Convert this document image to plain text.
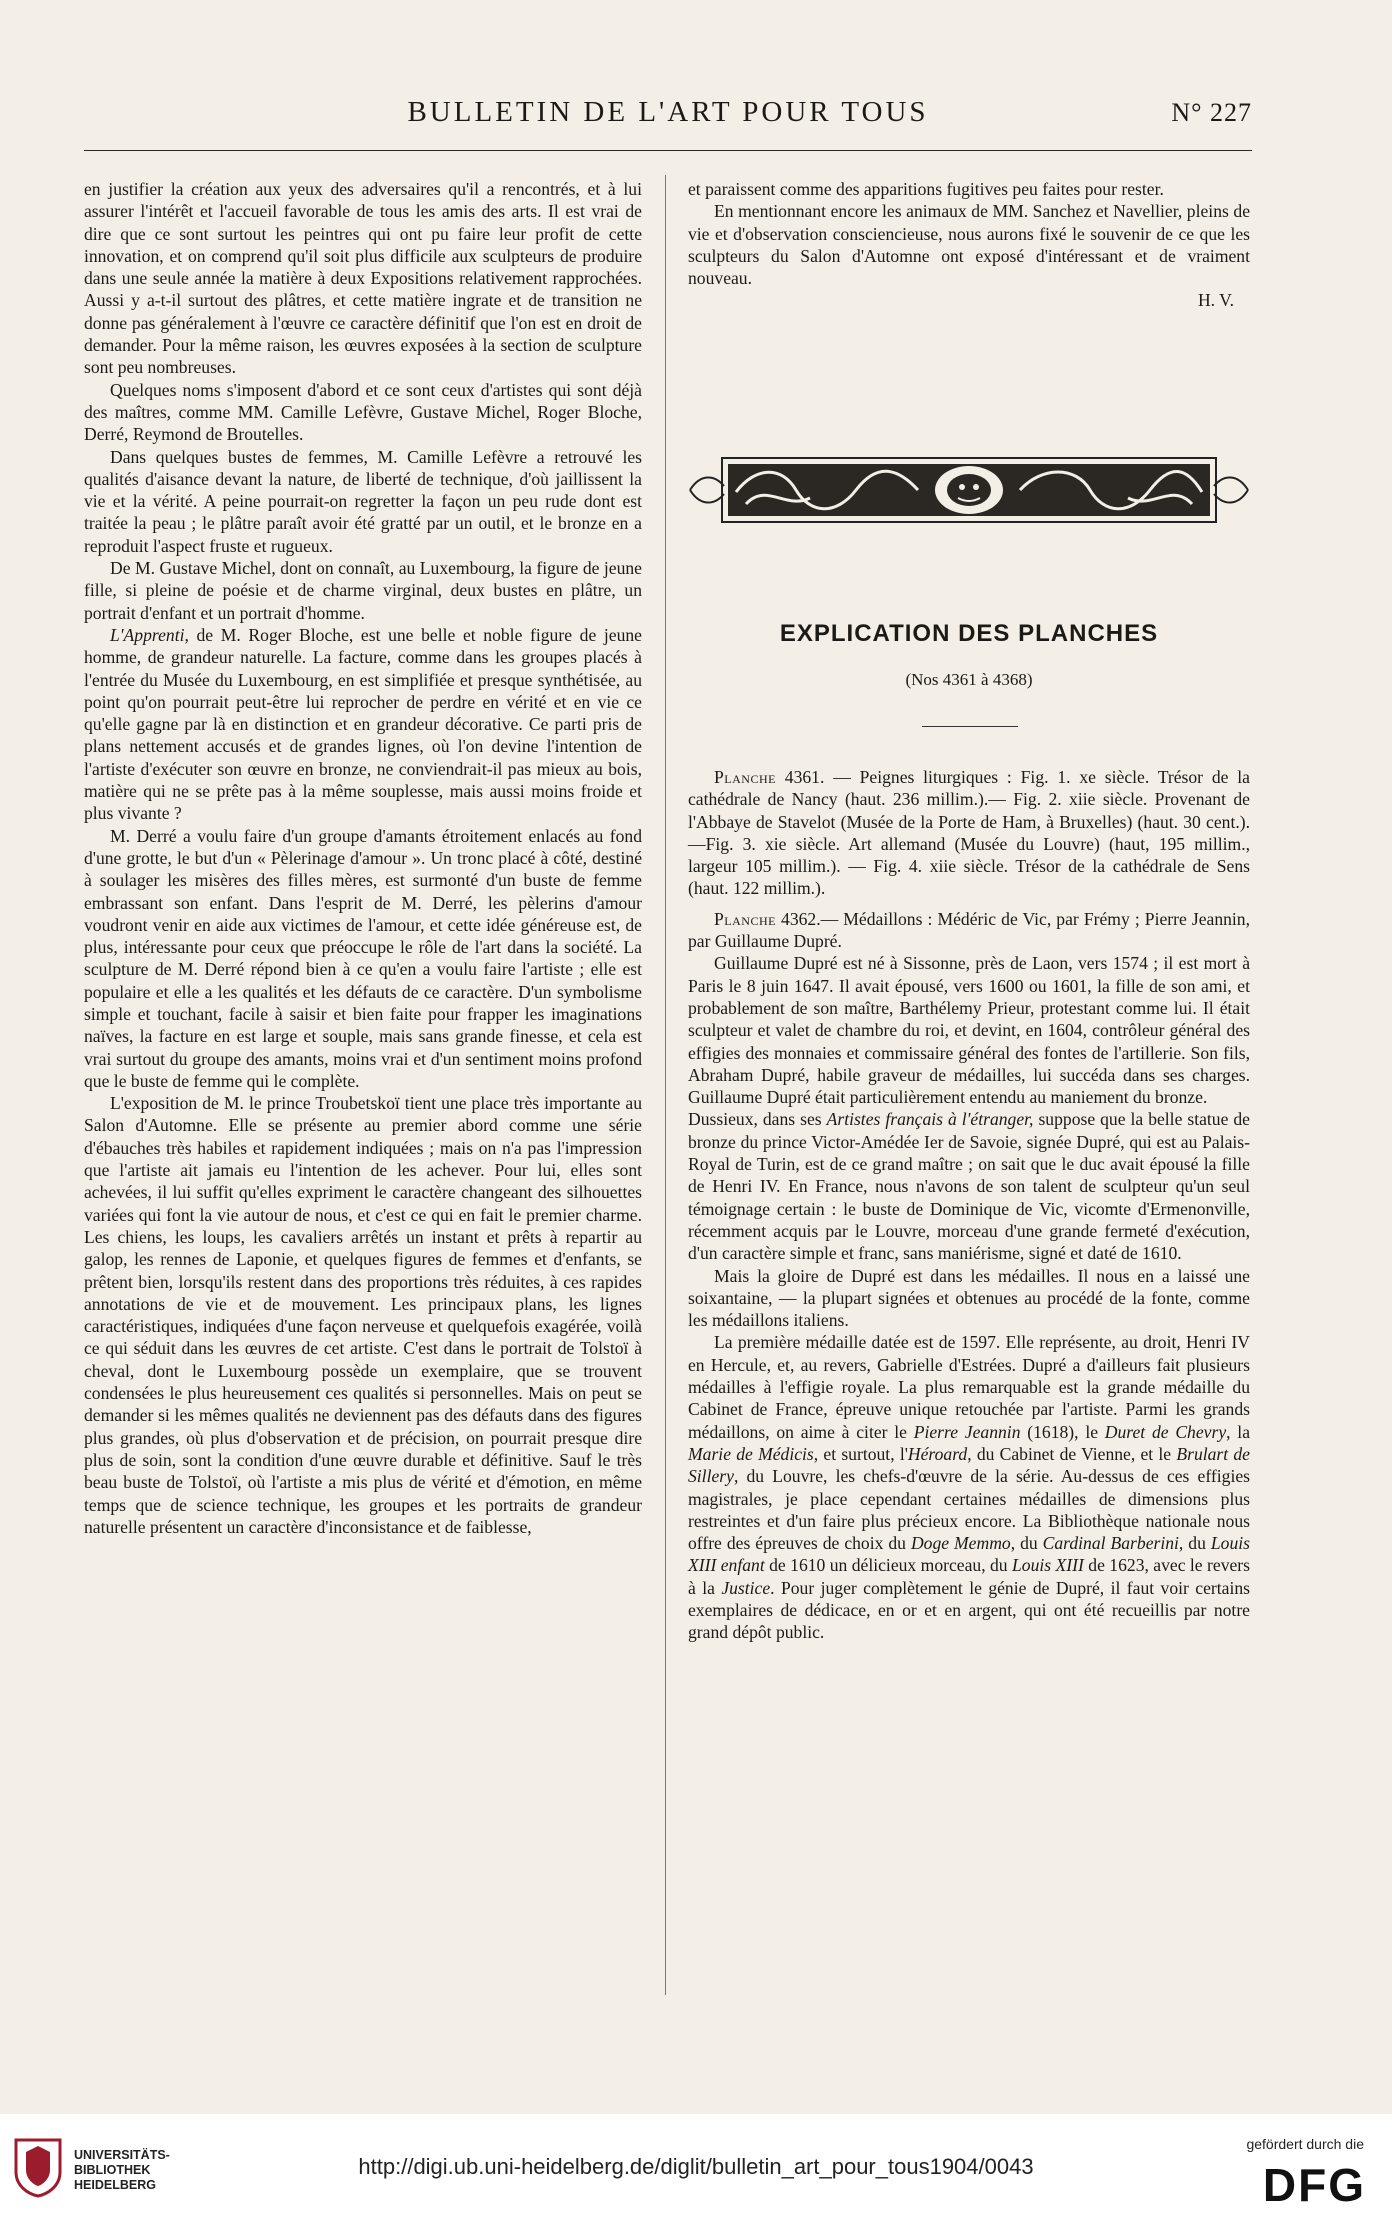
BULLETIN DE L'ART POUR TOUS	N° 227

en justifier la création aux yeux des adversaires qu'il a rencontrés, et à lui assurer l'intérêt et l'accueil favorable de tous les amis des arts. Il est vrai de dire que ce sont surtout les peintres qui ont pu faire leur profit de cette innovation, et on comprend qu'il soit plus difficile aux sculpteurs de produire dans une seule année la matière à deux Expositions relativement rapprochées. Aussi y a-t-il surtout des plâtres, et cette matière ingrate et de transition ne donne pas généralement à l'œuvre ce caractère définitif que l'on est en droit de demander. Pour la même raison, les œuvres exposées à la section de sculpture sont peu nombreuses.

Quelques noms s'imposent d'abord et ce sont ceux d'artistes qui sont déjà des maîtres, comme MM. Camille Lefèvre, Gustave Michel, Roger Bloche, Derré, Reymond de Broutelles.

Dans quelques bustes de femmes, M. Camille Lefèvre a retrouvé les qualités d'aisance devant la nature, de liberté de technique, d'où jaillissent la vie et la vérité. A peine pourrait-on regretter la façon un peu rude dont est traitée la peau ; le plâtre paraît avoir été gratté par un outil, et le bronze en a reproduit l'aspect fruste et rugueux.

De M. Gustave Michel, dont on connaît, au Luxembourg, la figure de jeune fille, si pleine de poésie et de charme virginal, deux bustes en plâtre, un portrait d'enfant et un portrait d'homme.

L'Apprenti, de M. Roger Bloche, est une belle et noble figure de jeune homme, de grandeur naturelle. La facture, comme dans les groupes placés à l'entrée du Musée du Luxembourg, en est simplifiée et presque synthétisée, au point qu'on pourrait peut-être lui reprocher de perdre en vérité et en vie ce qu'elle gagne par là en distinction et en grandeur décorative. Ce parti pris de plans nettement accusés et de grandes lignes, où l'on devine l'intention de l'artiste d'exécuter son œuvre en bronze, ne conviendrait-il pas mieux au bois, matière qui ne se prête pas à la même souplesse, mais aussi moins froide et plus vivante ?

M. Derré a voulu faire d'un groupe d'amants étroitement enlacés au fond d'une grotte, le but d'un « Pèlerinage d'amour ». Un tronc placé à côté, destiné à soulager les misères des filles mères, est surmonté d'un buste de femme embrassant son enfant. Dans l'esprit de M. Derré, les pèlerins d'amour voudront venir en aide aux victimes de l'amour, et cette idée généreuse est, de plus, intéressante pour ceux que préoccupe le rôle de l'art dans la société. La sculpture de M. Derré répond bien à ce qu'en a voulu faire l'artiste ; elle est populaire et elle a les qualités et les défauts de ce caractère. D'un symbolisme simple et touchant, facile à saisir et bien faite pour frapper les imaginations naïves, la facture en est large et souple, mais sans grande finesse, et cela est vrai surtout du groupe des amants, moins vrai et d'un sentiment moins profond que le buste de femme qui le complète.

L'exposition de M. le prince Troubetskoï tient une place très importante au Salon d'Automne. Elle se présente au premier abord comme une série d'ébauches très habiles et rapidement indiquées ; mais on n'a pas l'impression que l'artiste ait jamais eu l'intention de les achever. Pour lui, elles sont achevées, il lui suffit qu'elles expriment le caractère changeant des silhouettes variées qui font la vie autour de nous, et c'est ce qui en fait le premier charme. Les chiens, les loups, les cavaliers arrêtés un instant et prêts à repartir au galop, les rennes de Laponie, et quelques figures de femmes et d'enfants, se prêtent bien, lorsqu'ils restent dans des proportions très réduites, à ces rapides annotations de vie et de mouvement. Les principaux plans, les lignes caractéristiques, indiquées d'une façon nerveuse et quelquefois exagérée, voilà ce qui séduit dans les œuvres de cet artiste. C'est dans le portrait de Tolstoï à cheval, dont le Luxembourg possède un exemplaire, que se trouvent condensées le plus heureusement ces qualités si personnelles. Mais on peut se demander si les mêmes qualités ne deviennent pas des défauts dans des figures plus grandes, où plus d'observation et de précision, on pourrait presque dire plus de soin, sont la condition d'une œuvre durable et définitive. Sauf le très beau buste de Tolstoï, où l'artiste a mis plus de vérité et d'émotion, en même temps que de science technique, les groupes et les portraits de grandeur naturelle présentent un caractère d'inconsistance et de faiblesse,

et paraissent comme des apparitions fugitives peu faites pour rester.

En mentionnant encore les animaux de MM. Sanchez et Navellier, pleins de vie et d'observation consciencieuse, nous aurons fixé le souvenir de ce que les sculpteurs du Salon d'Automne ont exposé d'intéressant et de vraiment nouveau.

H. V.
EXPLICATION DES PLANCHES
(Nos 4361 à 4368)

Planche 4361. — Peignes liturgiques : Fig. 1. xe siècle. Trésor de la cathédrale de Nancy (haut. 236 millim.).— Fig. 2. xiie siècle. Provenant de l'Abbaye de Stavelot (Musée de la Porte de Ham, à Bruxelles) (haut. 30 cent.).—Fig. 3. xie siècle. Art allemand (Musée du Louvre) (haut, 195 millim., largeur 105 millim.). — Fig. 4. xiie siècle. Trésor de la cathédrale de Sens (haut. 122 millim.).

Planche 4362.— Médaillons : Médéric de Vic, par Frémy ; Pierre Jeannin, par Guillaume Dupré.

Guillaume Dupré est né à Sissonne, près de Laon, vers 1574 ; il est mort à Paris le 8 juin 1647. Il avait épousé, vers 1600 ou 1601, la fille de son ami, et probablement de son maître, Barthélemy Prieur, protestant comme lui. Il était sculpteur et valet de chambre du roi, et devint, en 1604, contrôleur général des effigies des monnaies et commissaire général des fontes de l'artillerie. Son fils, Abraham Dupré, habile graveur de médailles, lui succéda dans ses charges. Guillaume Dupré était particulièrement entendu au maniement du bronze.

Dussieux, dans ses Artistes français à l'étranger, suppose que la belle statue de bronze du prince Victor-Amédée Ier de Savoie, signée Dupré, qui est au Palais-Royal de Turin, est de ce grand maître ; on sait que le duc avait épousé la fille de Henri IV. En France, nous n'avons de son talent de sculpteur qu'un seul témoignage certain : le buste de Dominique de Vic, vicomte d'Ermenonville, récemment acquis par le Louvre, morceau d'une grande fermeté d'exécution, d'un caractère simple et franc, sans maniérisme, signé et daté de 1610.

Mais la gloire de Dupré est dans les médailles. Il nous en a laissé une soixantaine, — la plupart signées et obtenues au procédé de la fonte, comme les médaillons italiens.

La première médaille datée est de 1597. Elle représente, au droit, Henri IV en Hercule, et, au revers, Gabrielle d'Estrées. Dupré a d'ailleurs fait plusieurs médailles à l'effigie royale. La plus remarquable est la grande médaille du Cabinet de France, épreuve unique retouchée par l'artiste. Parmi les grands médaillons, on aime à citer le Pierre Jeannin (1618), le Duret de Chevry, la Marie de Médicis, et surtout, l'Héroard, du Cabinet de Vienne, et le Brulart de Sillery, du Louvre, les chefs-d'œuvre de la série. Au-dessus de ces effigies magistrales, je place cependant certaines médailles de dimensions plus restreintes et d'un faire plus précieux encore. La Bibliothèque nationale nous offre des épreuves de choix du Doge Memmo, du Cardinal Barberini, du Louis XIII enfant de 1610 un délicieux morceau, du Louis XIII de 1623, avec le revers à la Justice. Pour juger complètement le génie de Dupré, il faut voir certains exemplaires de dédicace, en or et en argent, qui ont été recueillis par notre grand dépôt public.

UNIVERSITÄTS-
BIBLIOTHEK
HEIDELBERG
http://digi.ub.uni-heidelberg.de/diglit/bulletin_art_pour_tous1904/0043
gefördert durch die
DFG
